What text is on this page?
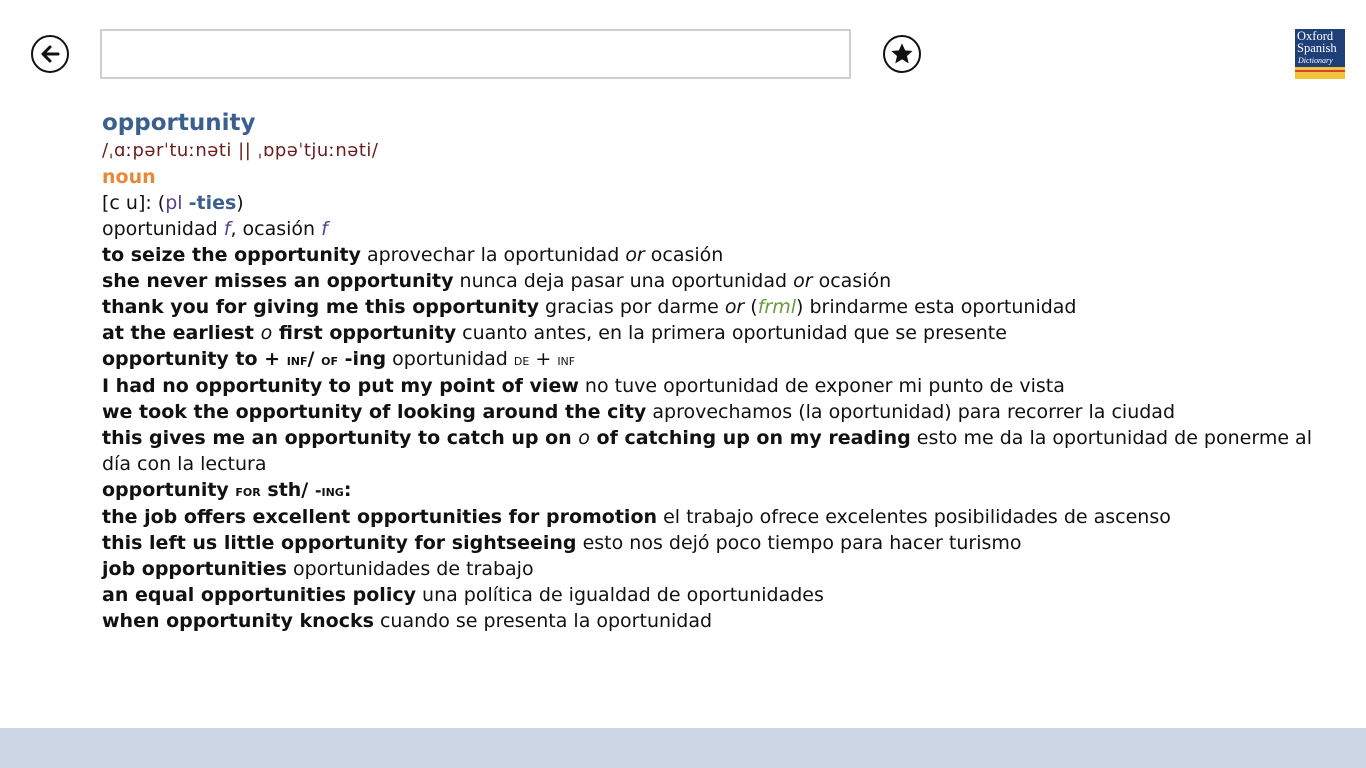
Oxford
Spanish
Dictionary
opportunity
/ˌɑːpərˈtuːnəti || ˌɒpəˈtjuːnəti/
noun
[c u]: (pl -ties)
oportunidad f, ocasión f
to seize the opportunity aprovechar la oportunidad or ocasión
she never misses an opportunity nunca deja pasar una oportunidad or ocasión
thank you for giving me this opportunity gracias por darme or (frml) brindarme esta oportunidad
at the earliest o first opportunity cuanto antes, en la primera oportunidad que se presente
opportunity to + inf/ of -ing oportunidad de + inf
I had no opportunity to put my point of view no tuve oportunidad de exponer mi punto de vista
we took the opportunity of looking around the city aprovechamos (la oportunidad) para recorrer la ciudad
this gives me an opportunity to catch up on o of catching up on my reading esto me da la oportunidad de ponerme al día con la lectura
opportunity for sth/ -ing:
the job offers excellent opportunities for promotion el trabajo ofrece excelentes posibilidades de ascenso
this left us little opportunity for sightseeing esto nos dejó poco tiempo para hacer turismo
job opportunities oportunidades de trabajo
an equal opportunities policy una política de igualdad de oportunidades
when opportunity knocks cuando se presenta la oportunidad
